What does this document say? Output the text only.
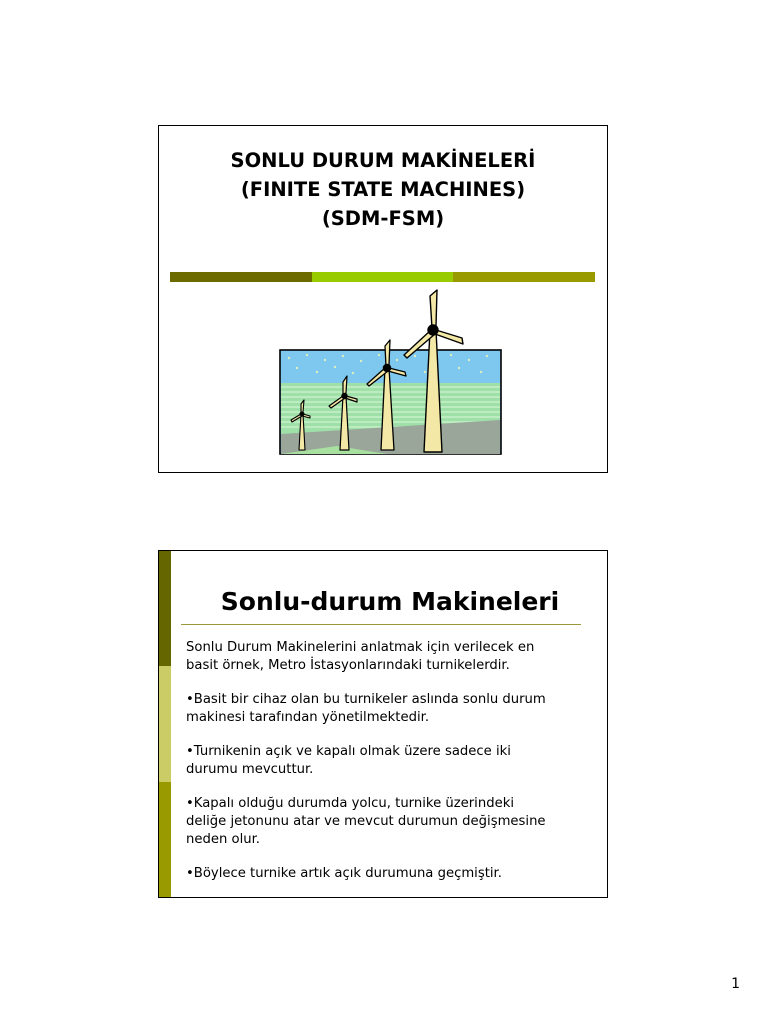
SONLU DURUM MAKİNELERİ
(FINITE STATE MACHINES)
(SDM-FSM)
Sonlu-durum Makineleri

Sonlu Durum Makinelerini anlatmak için verilecek en
basit örnek, Metro İstasyonlarındaki turnikelerdir.

•Basit bir cihaz olan bu turnikeler aslında sonlu durum
makinesi tarafından yönetilmektedir.

•Turnikenin açık ve kapalı olmak üzere sadece iki
durumu mevcuttur.

•Kapalı olduğu durumda yolcu, turnike üzerindeki
deliğe jetonunu atar ve mevcut durumun değişmesine
neden olur.

•Böylece turnike artık açık durumuna geçmiştir.

1
